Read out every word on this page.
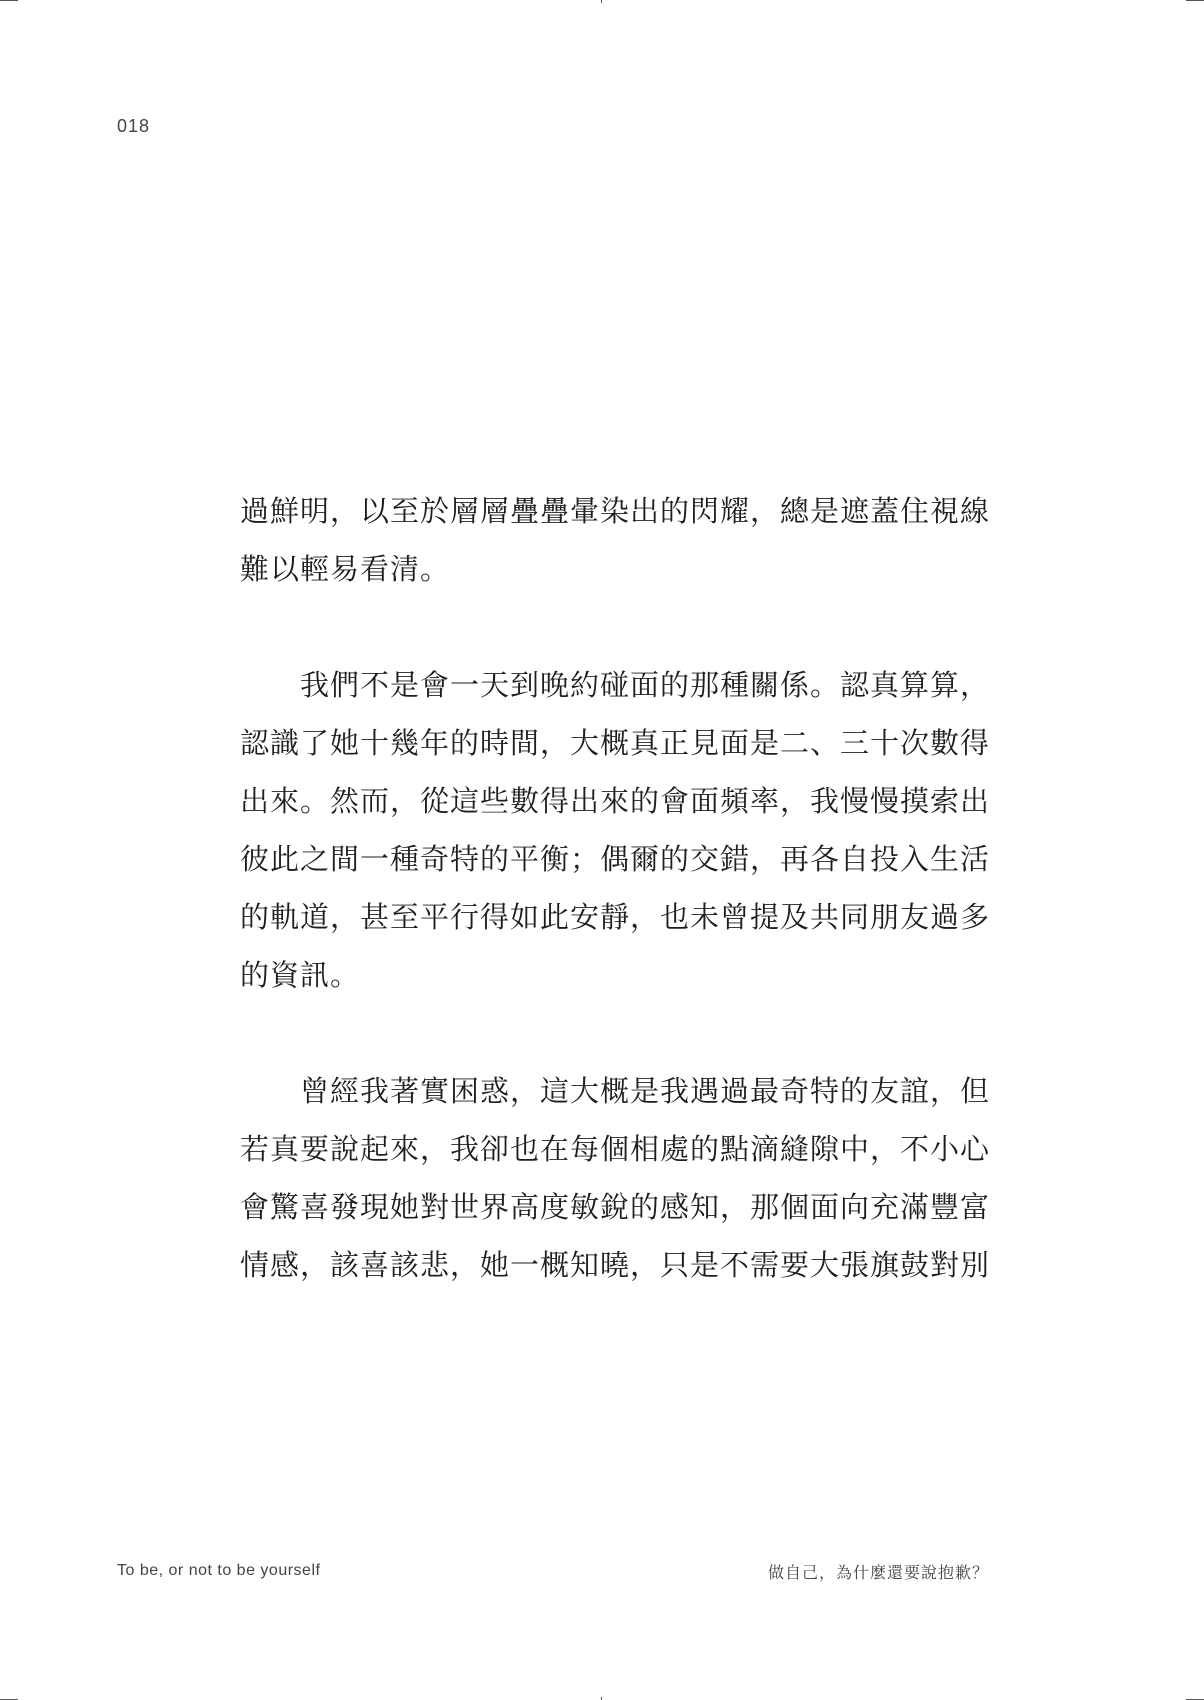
018
過鮮明，以至於層層疊疊暈染出的閃耀，總是遮蓋住視線
難以輕易看清。
我們不是會一天到晚約碰面的那種關係。認真算算，
認識了她十幾年的時間，大概真正見面是二、三十次數得
出來。然而，從這些數得出來的會面頻率，我慢慢摸索出
彼此之間一種奇特的平衡；偶爾的交錯，再各自投入生活
的軌道，甚至平行得如此安靜，也未曾提及共同朋友過多
的資訊。
曾經我著實困惑，這大概是我遇過最奇特的友誼，但
若真要說起來，我卻也在每個相處的點滴縫隙中，不小心
會驚喜發現她對世界高度敏銳的感知，那個面向充滿豐富
情感，該喜該悲，她一概知曉，只是不需要大張旗鼓對別
To be, or not to be yourself	做自己，為什麼還要說抱歉？
